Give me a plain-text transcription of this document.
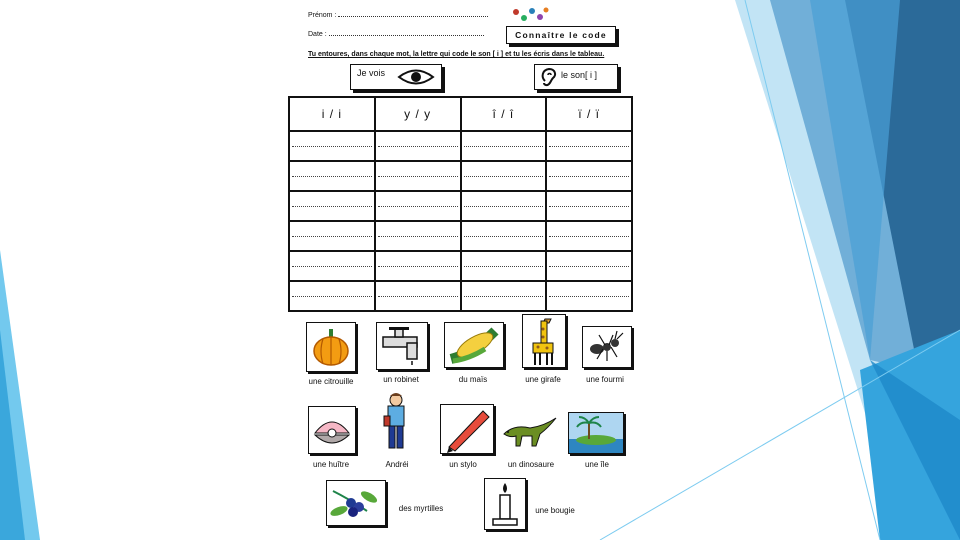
Prénom :
Date :	Connaître le code
Tu entoures, dans chaque mot, la lettre qui code le son [ i ] et tu les écris dans le tableau.
Je vois	le son[ i ]
i / i	y / y	î / î	ï / ï

une citrouille	un robinet	du maïs	une girafe	une fourmi
une huître	Andréi	un stylo	un dinosaure	une île
des myrtilles	une bougie
